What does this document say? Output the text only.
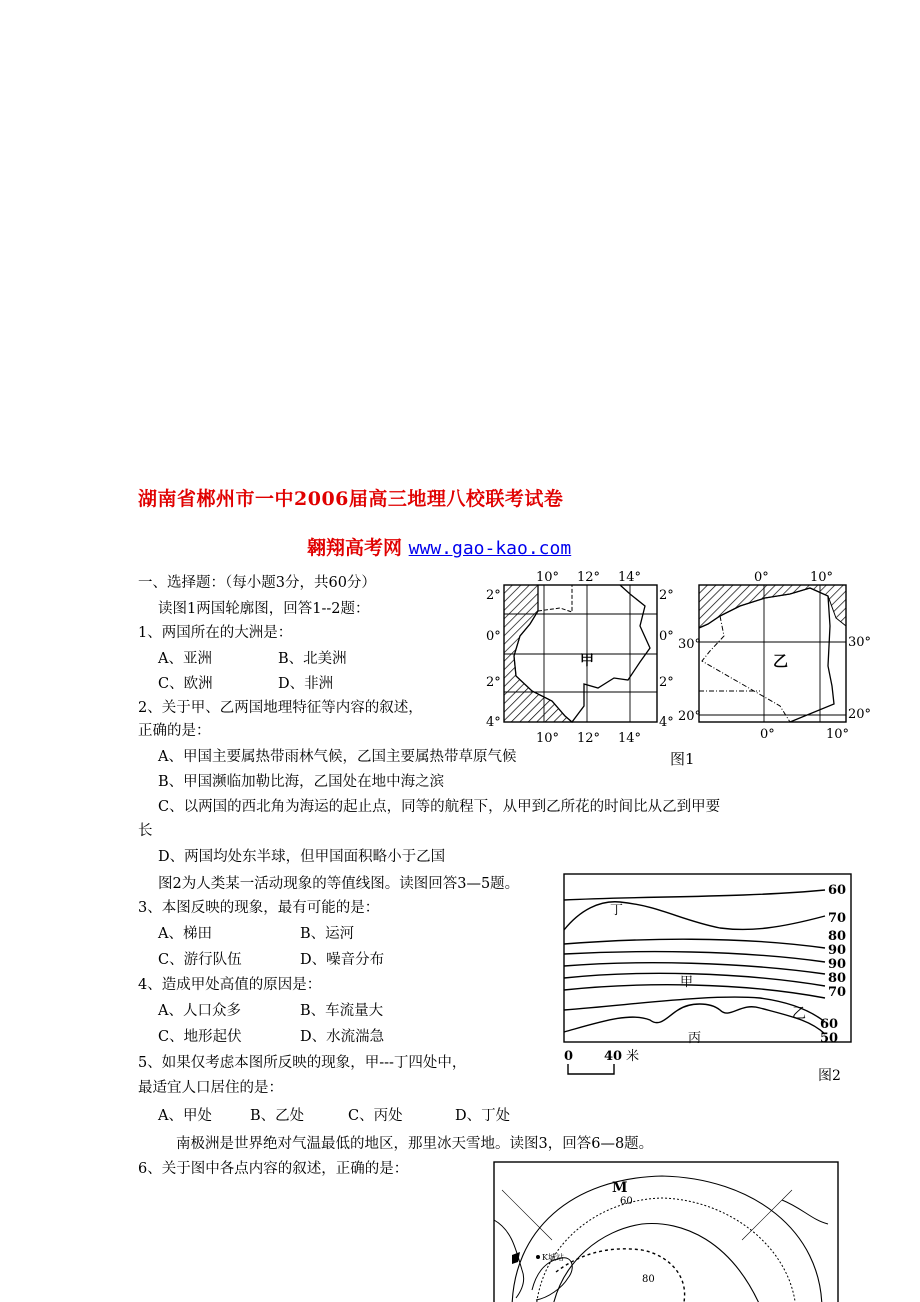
湖南省郴州市一中2006届高三地理八校联考试卷
翱翔高考网 www.gao-kao.com
一、选择题：（每小题3分，共60分）
读图1两国轮廓图，回答1--2题：
1、两国所在的大洲是：
A、亚洲	B、北美洲
C、欧洲	D、非洲
2、关于甲、乙两国地理特征等内容的叙述，
正确的是：
A、甲国主要属热带雨林气候，乙国主要属热带草原气候
B、甲国濒临加勒比海，乙国处在地中海之滨
C、以两国的西北角为海运的起止点，同等的航程下，从甲到乙所花的时间比从乙到甲要
长
D、两国均处东半球，但甲国面积略小于乙国
图2为人类某一活动现象的等值线图。读图回答3—5题。
3、本图反映的现象，最有可能的是：
A、梯田	B、运河
C、游行队伍	D、噪音分布
4、造成甲处高值的原因是：
A、人口众多	B、车流量大
C、地形起伏	D、水流湍急
5、如果仅考虑本图所反映的现象，甲---丁四处中，
最适宜人口居住的是：
A、甲处	B、乙处	C、丙处	D、丁处
南极洲是世界绝对气温最低的地区，那里冰天雪地。读图3，回答6—8题。
6、关于图中各点内容的叙述，正确的是：
甲
10° 12° 14°
10° 12° 14°
2°
0°
2°
4°
2°
0°
2°
4°
乙
0°	10°
0°	10°
30°
20°
30°
20°
图1
60
70
80
90
90
80
70
60
50
丁
甲
丙
乙
0 40 米
图2
M
60
80
K城站
